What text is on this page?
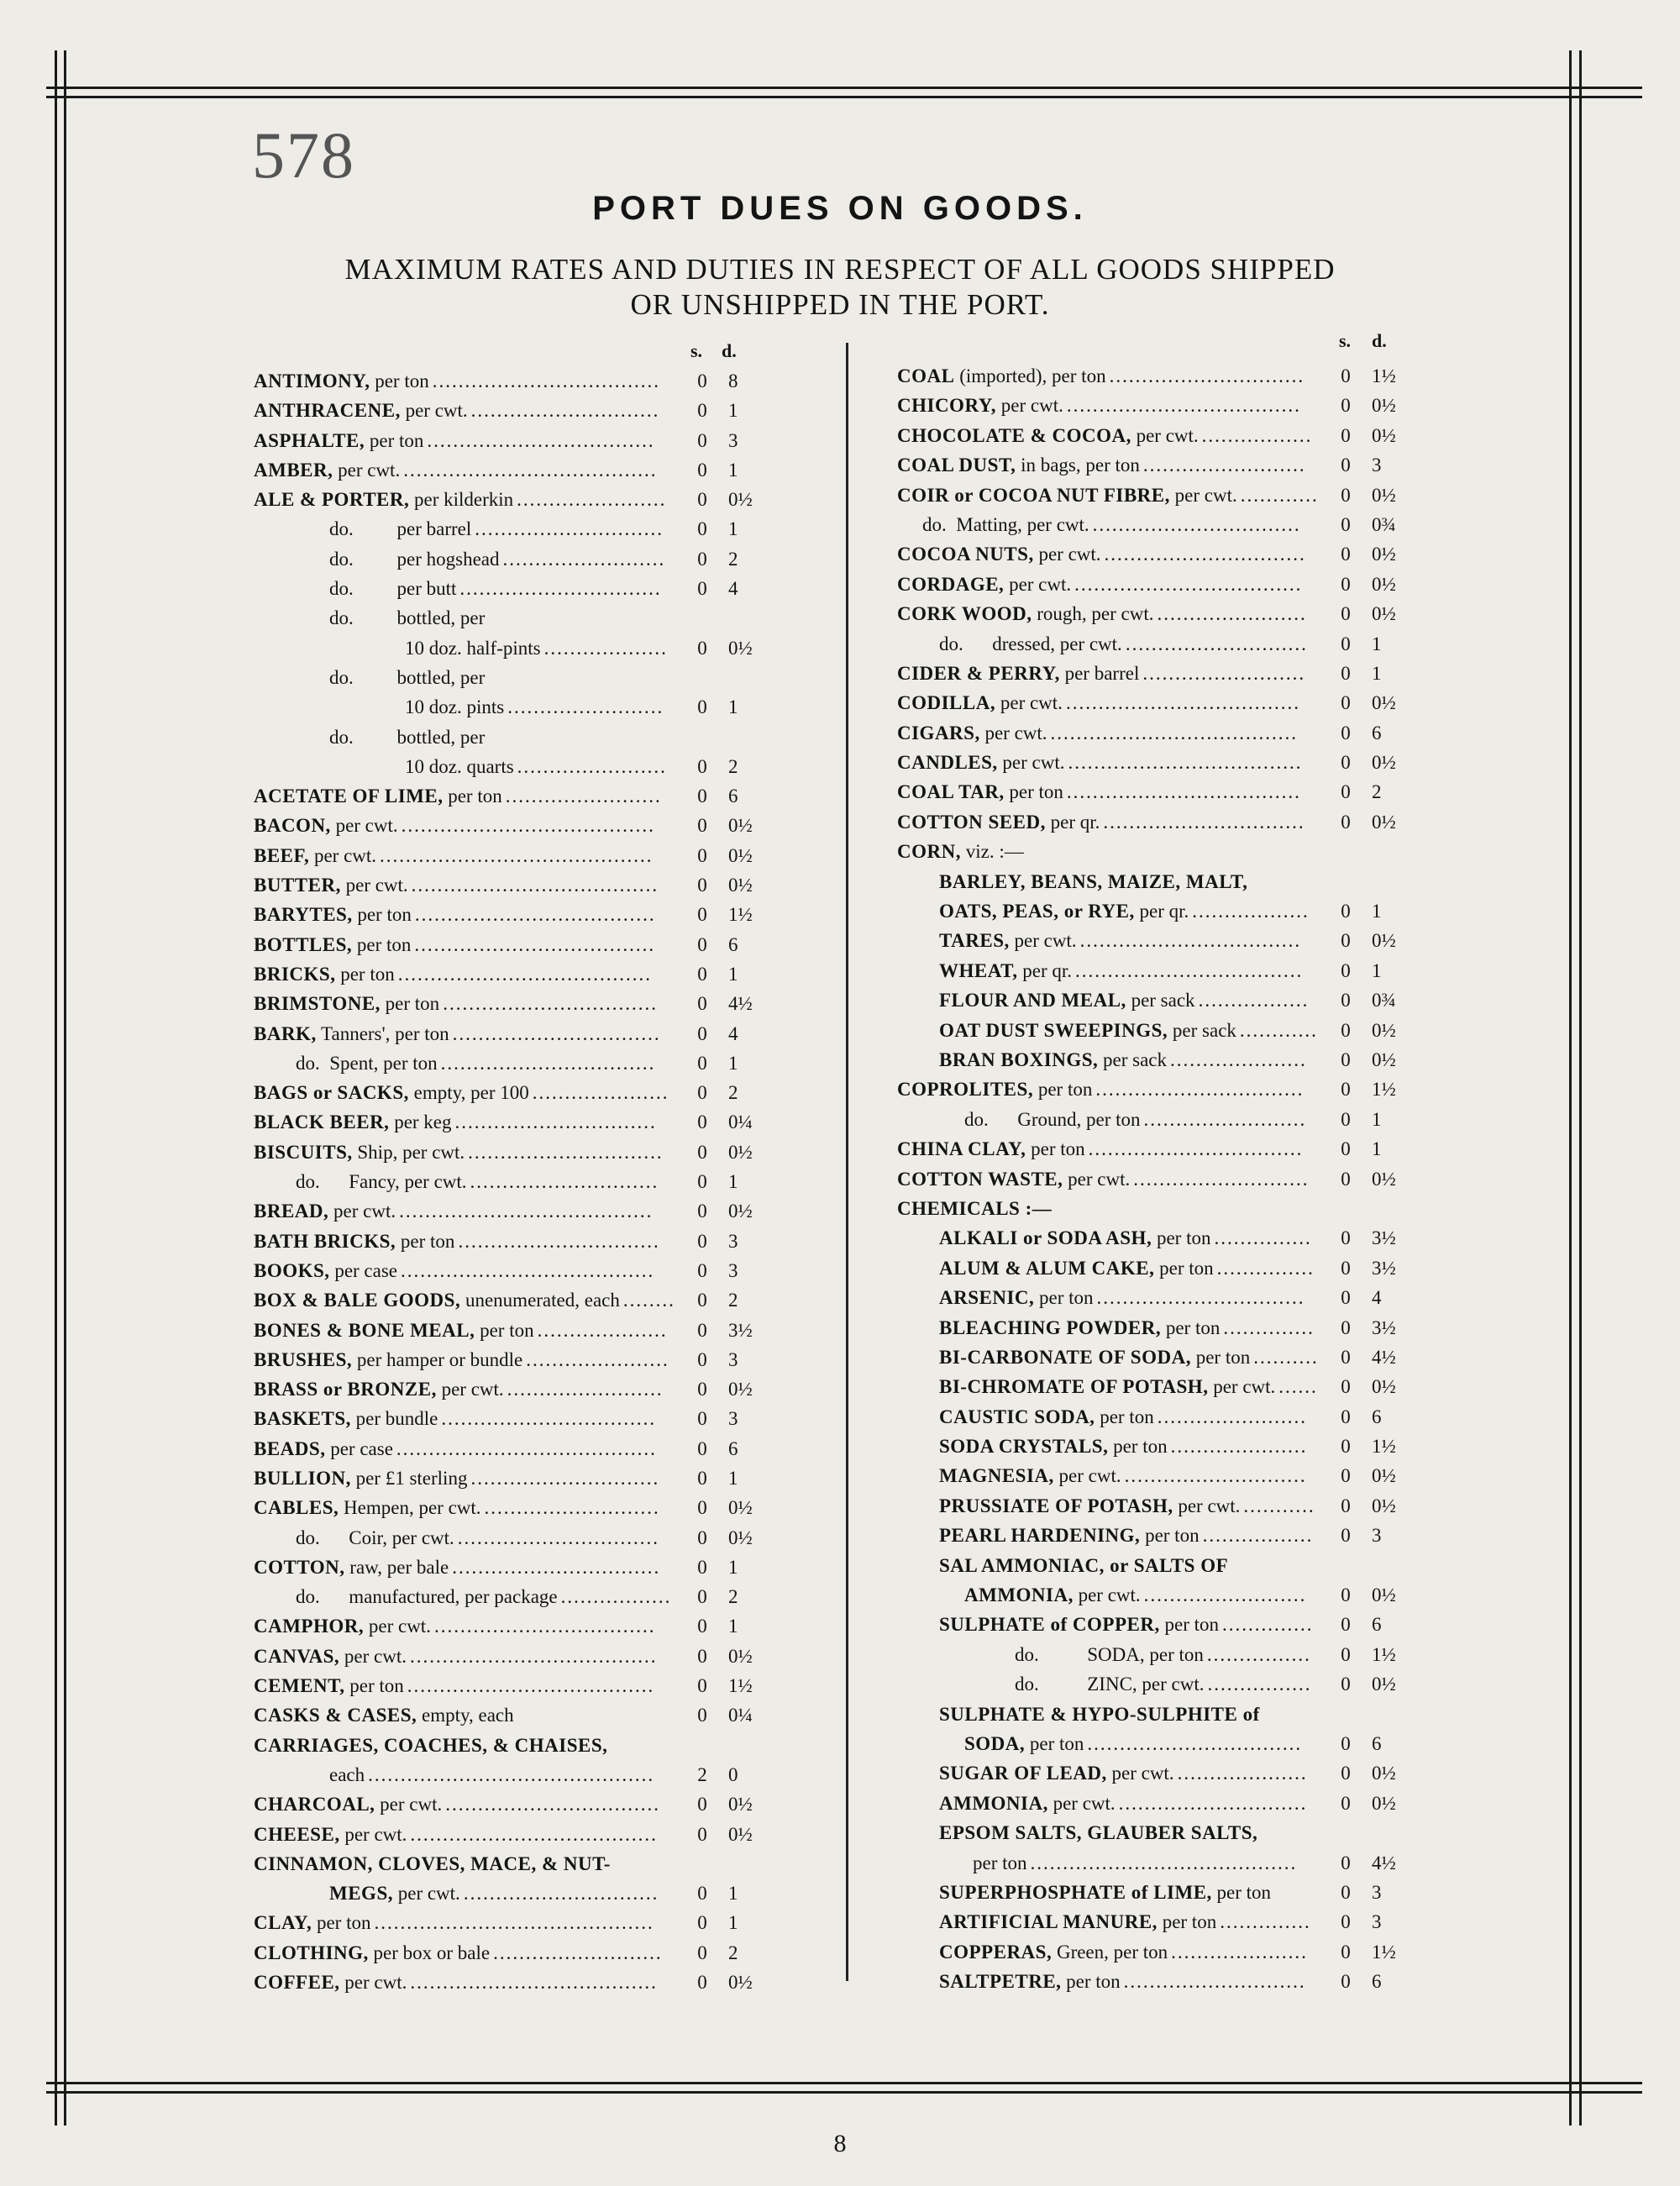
578
PORT DUES ON GOODS.
MAXIMUM RATES AND DUTIES IN RESPECT OF ALL GOODS SHIPPED
OR UNSHIPPED IN THE PORT.
s. d.	s. d.
ANTIMONY, per ton ................................... 0 8
ANTHRACENE, per cwt. ............................. 0 1
ASPHALTE, per ton ................................... 0 3
AMBER, per cwt. ....................................... 0 1
ALE & PORTER, per kilderkin ....................... 0 0½
do.         per barrel ............................. 0 1
do.         per hogshead ......................... 0 2
do.         per butt ............................... 0 4
do.         bottled, per
10 doz. half-pints ................... 0 0½
do.         bottled, per
10 doz. pints ........................ 0 1
do.         bottled, per
10 doz. quarts ....................... 0 2
ACETATE OF LIME, per ton ........................ 0 6
BACON, per cwt. ....................................... 0 0½
BEEF, per cwt. .......................................... 0 0½
BUTTER, per cwt. ...................................... 0 0½
BARYTES, per ton ..................................... 0 1½
BOTTLES, per ton ..................................... 0 6
BRICKS, per ton ....................................... 0 1
BRIMSTONE, per ton ................................. 0 4½
BARK, Tanners', per ton ................................ 0 4
do.  Spent, per ton ................................. 0 1
BAGS or SACKS, empty, per 100 ..................... 0 2
BLACK BEER, per keg ............................... 0 0¼
BISCUITS, Ship, per cwt. .............................. 0 0½
do.      Fancy, per cwt. ............................. 0 1
BREAD, per cwt. ....................................... 0 0½
BATH BRICKS, per ton ............................... 0 3
BOOKS, per case ....................................... 0 3
BOX & BALE GOODS, unenumerated, each ........ 0 2
BONES & BONE MEAL, per ton .................... 0 3½
BRUSHES, per hamper or bundle ...................... 0 3
BRASS or BRONZE, per cwt. ........................ 0 0½
BASKETS, per bundle ................................. 0 3
BEADS, per case ........................................ 0 6
BULLION, per £1 sterling ............................. 0 1
CABLES, Hempen, per cwt. ........................... 0 0½
do.      Coir, per cwt. ............................... 0 0½
COTTON, raw, per bale ................................ 0 1
do.      manufactured, per package ................. 0 2
CAMPHOR, per cwt. .................................. 0 1
CANVAS, per cwt. ...................................... 0 0½
CEMENT, per ton ...................................... 0 1½
CASKS & CASES, empty, each	0 0¼
CARRIAGES, COACHES, & CHAISES,
each ............................................ 2 0
CHARCOAL, per cwt. ................................. 0 0½
CHEESE, per cwt. ...................................... 0 0½
CINNAMON, CLOVES, MACE, & NUT-
MEGS, per cwt. .............................. 0 1
CLAY, per ton ........................................... 0 1
CLOTHING, per box or bale .......................... 0 2
COFFEE, per cwt. ...................................... 0 0½
COAL (imported), per ton .............................. 0 1½
CHICORY, per cwt. .................................... 0 0½
CHOCOLATE & COCOA, per cwt. ................. 0 0½
COAL DUST, in bags, per ton ......................... 0 3
COIR or COCOA NUT FIBRE, per cwt. ............ 0 0½
do.  Matting, per cwt. ................................ 0 0¾
COCOA NUTS, per cwt. ............................... 0 0½
CORDAGE, per cwt. ................................... 0 0½
CORK WOOD, rough, per cwt. ....................... 0 0½
do.      dressed, per cwt. ............................ 0 1
CIDER & PERRY, per barrel ......................... 0 1
CODILLA, per cwt. .................................... 0 0½
CIGARS, per cwt. ...................................... 0 6
CANDLES, per cwt. .................................... 0 0½
COAL TAR, per ton .................................... 0 2
COTTON SEED, per qr. ............................... 0 0½
CORN, viz. :—
BARLEY, BEANS, MAIZE, MALT,
OATS, PEAS, or RYE, per qr. .................. 0 1
TARES, per cwt. .................................. 0 0½
WHEAT, per qr. ................................... 0 1
FLOUR AND MEAL, per sack ................. 0 0¾
OAT DUST SWEEPINGS, per sack ............ 0 0½
BRAN BOXINGS, per sack ..................... 0 0½
COPROLITES, per ton ................................ 0 1½
do.      Ground, per ton ......................... 0 1
CHINA CLAY, per ton ................................. 0 1
COTTON WASTE, per cwt. ........................... 0 0½
CHEMICALS :—
ALKALI or SODA ASH, per ton ............... 0 3½
ALUM & ALUM CAKE, per ton ............... 0 3½
ARSENIC, per ton ................................ 0 4
BLEACHING POWDER, per ton .............. 0 3½
BI-CARBONATE OF SODA, per ton .......... 0 4½
BI-CHROMATE OF POTASH, per cwt. ...... 0 0½
CAUSTIC SODA, per ton ....................... 0 6
SODA CRYSTALS, per ton ..................... 0 1½
MAGNESIA, per cwt. ............................ 0 0½
PRUSSIATE OF POTASH, per cwt. ........... 0 0½
PEARL HARDENING, per ton ................. 0 3
SAL AMMONIAC, or SALTS OF
AMMONIA, per cwt. ......................... 0 0½
SULPHATE of COPPER, per ton .............. 0 6
do.          SODA, per ton ................ 0 1½
do.          ZINC, per cwt. ................ 0 0½
SULPHATE & HYPO-SULPHITE of
SODA, per ton ................................. 0 6
SUGAR OF LEAD, per cwt. .................... 0 0½
AMMONIA, per cwt. ............................. 0 0½
EPSOM SALTS, GLAUBER SALTS,
per ton ......................................... 0 4½
SUPERPHOSPHATE of LIME, per ton	0 3
ARTIFICIAL MANURE, per ton .............. 0 3
COPPERAS, Green, per ton ..................... 0 1½
SALTPETRE, per ton ............................ 0 6
8
